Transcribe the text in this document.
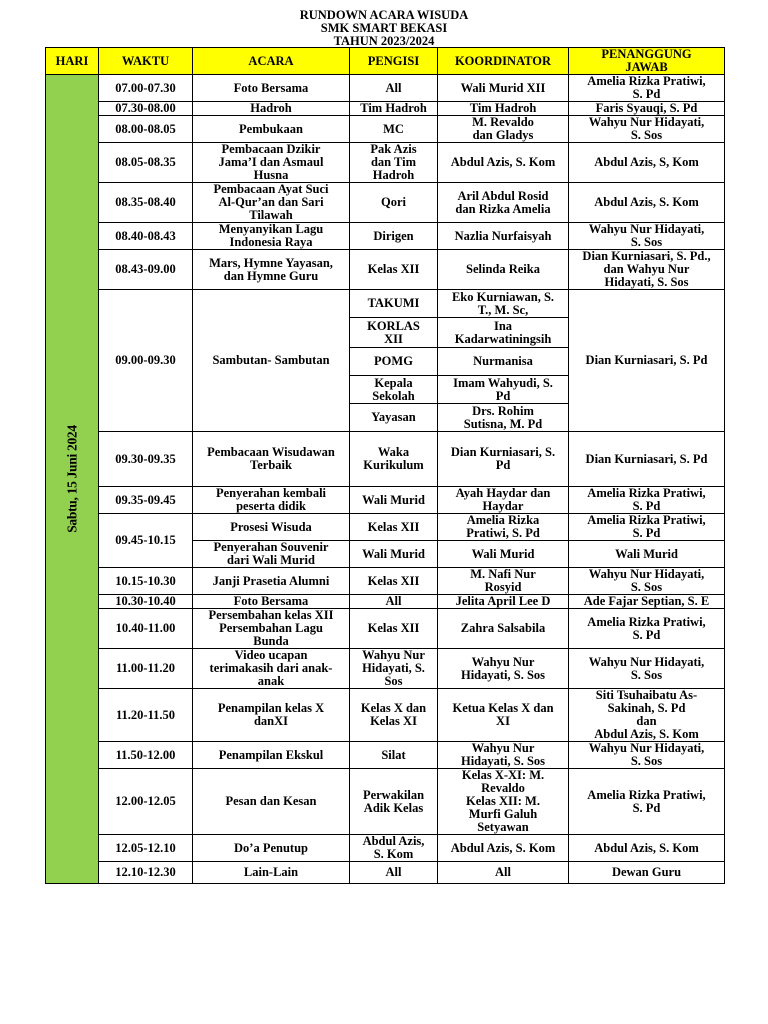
RUNDOWN ACARA WISUDA
SMK SMART BEKASI
TAHUN 2023/2024
HARI	WAKTU	ACARA	PENGISI	KOORDINATOR	PENANGGUNG
JAWAB

Sabtu, 15 Juni 2024	07.00-07.30	Foto Bersama	All	Wali Murid XII	Amelia Rizka Pratiwi,
S. Pd
	07.30-08.00	Hadroh	Tim Hadroh	Tim Hadroh	Faris Syauqi, S. Pd
	08.00-08.05	Pembukaan	MC	M. Revaldo
dan Gladys	Wahyu Nur Hidayati,
S. Sos
	08.05-08.35	Pembacaan Dzikir
Jama’I dan Asmaul
Husna	Pak Azis
dan Tim
Hadroh	Abdul Azis, S. Kom	Abdul Azis, S, Kom
	08.35-08.40	Pembacaan Ayat Suci
Al-Qur’an dan Sari
Tilawah	Qori	Aril Abdul Rosid
dan Rizka Amelia	Abdul Azis, S. Kom
	08.40-08.43	Menyanyikan Lagu
Indonesia Raya	Dirigen	Nazlia Nurfaisyah	Wahyu Nur Hidayati,
S. Sos
	08.43-09.00	Mars, Hymne Yayasan,
dan Hymne Guru	Kelas XII	Selinda Reika	Dian Kurniasari, S. Pd.,
dan Wahyu Nur
Hidayati, S. Sos
	09.00-09.30	Sambutan- Sambutan	TAKUMI	Eko Kurniawan, S.
T., M. Sc,	Dian Kurniasari, S. Pd
			KORLAS
XII	Ina
Kadarwatiningsih	
			POMG	Nurmanisa	
			Kepala
Sekolah	Imam Wahyudi, S.
Pd	
			Yayasan	Drs. Rohim
Sutisna, M. Pd	
	09.30-09.35	Pembacaan Wisudawan
Terbaik	Waka
Kurikulum	Dian Kurniasari, S.
Pd	Dian Kurniasari, S. Pd
	09.35-09.45	Penyerahan kembali
peserta didik	Wali Murid	Ayah Haydar dan
Haydar	Amelia Rizka Pratiwi,
S. Pd
	09.45-10.15	Prosesi Wisuda	Kelas XII	Amelia Rizka
Pratiwi, S. Pd	Amelia Rizka Pratiwi,
S. Pd
		Penyerahan Souvenir
dari Wali Murid	Wali Murid	Wali Murid	Wali Murid
	10.15-10.30	Janji Prasetia Alumni	Kelas XII	M. Nafi Nur
Rosyid	Wahyu Nur Hidayati,
S. Sos
	10.30-10.40	Foto Bersama	All	Jelita April Lee D	Ade Fajar Septian, S. E
	10.40-11.00	Persembahan kelas XII
Persembahan Lagu
Bunda	Kelas XII	Zahra Salsabila	Amelia Rizka Pratiwi,
S. Pd
	11.00-11.20	Video ucapan
terimakasih dari anak-
anak	Wahyu Nur
Hidayati, S.
Sos	Wahyu Nur
Hidayati, S. Sos	Wahyu Nur Hidayati,
S. Sos
	11.20-11.50	Penampilan kelas X
danXI	Kelas X dan
Kelas XI	Ketua Kelas X dan
XI	Siti Tsuhaibatu As-
Sakinah, S. Pd
dan
Abdul Azis, S. Kom
	11.50-12.00	Penampilan Ekskul	Silat	Wahyu Nur
Hidayati, S. Sos	Wahyu Nur Hidayati,
S. Sos
	12.00-12.05	Pesan dan Kesan	Perwakilan
Adik Kelas	Kelas X-XI: M.
Revaldo
Kelas XII: M.
Murfi Galuh
Setyawan	Amelia Rizka Pratiwi,
S. Pd
	12.05-12.10	Do’a Penutup	Abdul Azis,
S. Kom	Abdul Azis, S. Kom	Abdul Azis, S. Kom
	12.10-12.30	Lain-Lain	All	All	Dewan Guru
